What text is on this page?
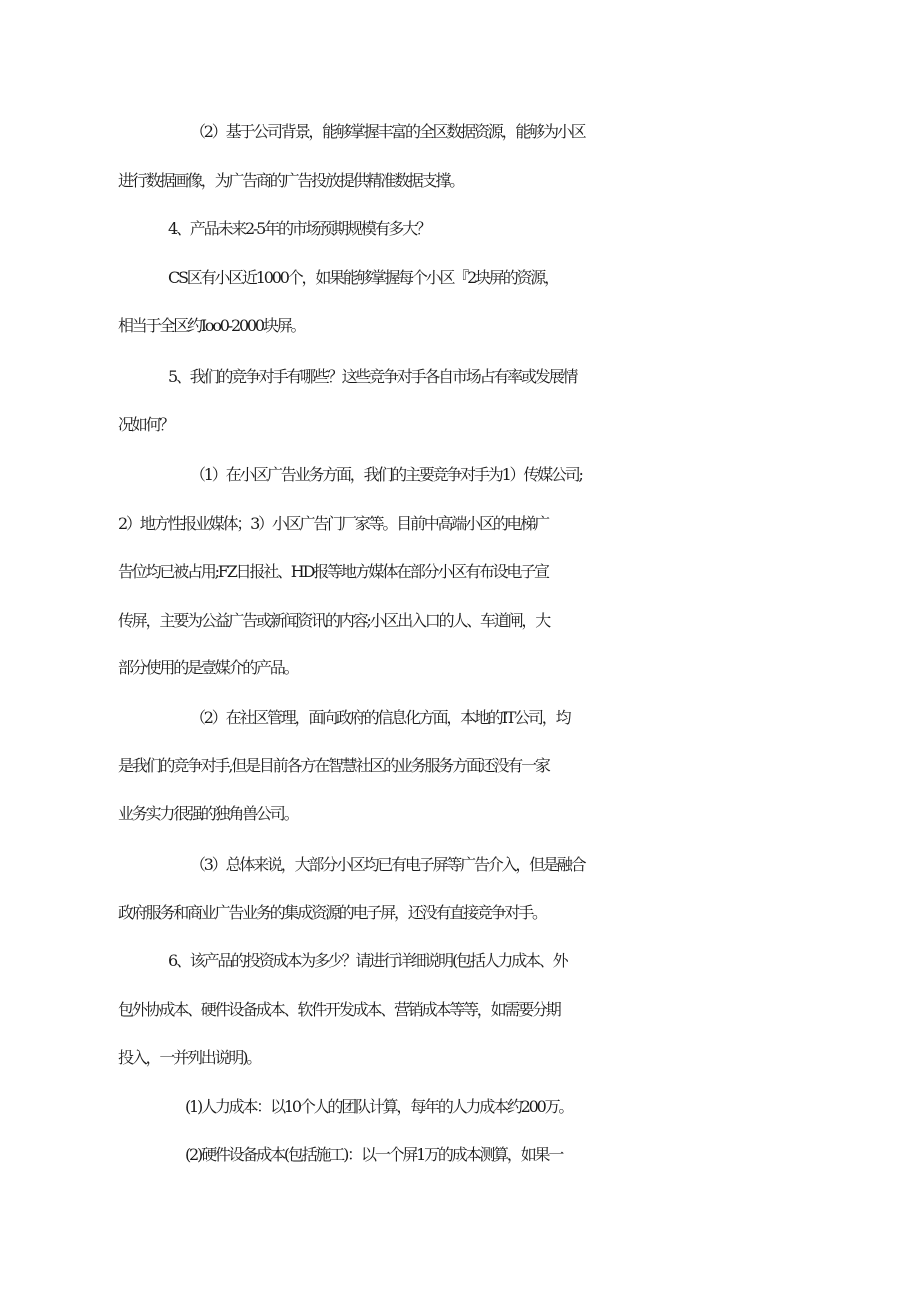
（2）基于公司背景，能够掌握丰富的全区数据资源，能够为小区
进行数据画像，为广告商的广告投放提供精准数据支撑。
4、产品未来2-5年的市场预期规模有多大？
CS区有小区近1000个，如果能够掌握每个小区『2块屏的资源，
相当于全区约Ioo0-2000块屏。
5、我们的竞争对手有哪些？这些竞争对手各自市场占有率或发展情
况如何？
（1）在小区广告业务方面，我们的主要竞争对手为1）传媒公司;
2）地方性报业媒体；3）小区广告门厂家等。目前中高端小区的电梯广
告位均已被占用;FZ日报社、HD报等地方媒体在部分小区有布设电子宣
传屏，主要为公益广告或新闻资讯的内容;小区出入口的人、车道闸，大
部分使用的是壹媒介的产品。
（2）在社区管理，面向政府的信息化方面，本地的IT公司，均
是我们的竞争对手,但是目前各方在智慧社区的业务服务方面还没有一家
业务实力很强的独角兽公司。
（3）总体来说，大部分小区均已有电子屏等广告介入，但是融合
政府服务和商业广告业务的集成资源的电子屏，还没有直接竞争对手。
6、该产品的投资成本为多少？请进行详细说明(包括人力成本、外
包外协成本、硬件设备成本、软件开发成本、营销成本等等，如需要分期
投入，一并列出说明)。
(1)人力成本：以10个人的团队计算，每年的人力成本约200万。
(2)硬件设备成本(包括施工)：以一个屏1万的成本测算，如果一
